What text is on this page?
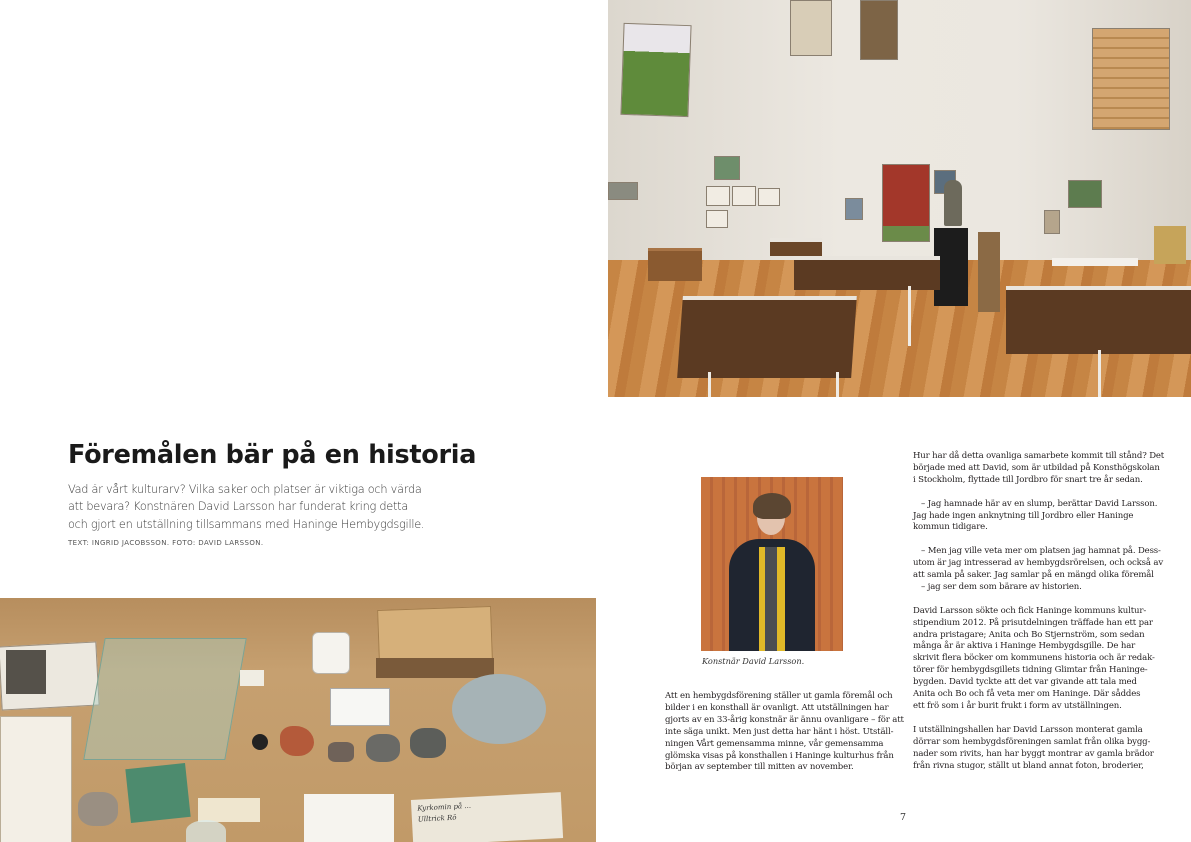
Föremålen bär på en historia
Vad är vårt kulturarv? Vilka saker och platser är viktiga och värda
att bevara? Konstnären David Larsson har funderat kring detta
och gjort en utställning tillsammans med Haninge Hembygdsgille.

TEXT: INGRID JACOBSSON. FOTO: DAVID LARSSON.

Kyrkomin på ...
Ulltrick Rö

Konstnär David Larsson.

Att en hembygdsförening ställer ut gamla föremål och
bilder i en konsthall är ovanligt. Att utställningen har
gjorts av en 33-årig konstnär är ännu ovanligare – för att
inte säga unikt. Men just detta har hänt i höst. Utställ-
ningen Vårt gemensamma minne, vår gemensamma
glömska visas på konsthallen i Haninge kulturhus från
början av september till mitten av november.

Hur har då detta ovanliga samarbete kommit till stånd? Det
började med att David, som är utbildad på Konsthögskolan
i Stockholm, flyttade till Jordbro för snart tre år sedan.

– Jag hamnade här av en slump, berättar David Larsson.
Jag hade ingen anknytning till Jordbro eller Haninge
kommun tidigare.

– Men jag ville veta mer om platsen jag hamnat på. Dess-
utom är jag intresserad av hembygdsrörelsen, och också av
att samla på saker. Jag samlar på en mängd olika föremål
– jag ser dem som bärare av historien.

David Larsson sökte och fick Haninge kommuns kultur-
stipendium 2012. På prisutdelningen träffade han ett par
andra pristagare; Anita och Bo Stjernström, som sedan
många år är aktiva i Haninge Hembygdsgille. De har
skrivit flera böcker om kommunens historia och är redak-
törer för hembygdsgillets tidning Glimtar från Haninge-
bygden. David tyckte att det var givande att tala med
Anita och Bo och få veta mer om Haninge. Där såddes
ett frö som i år burit frukt i form av utställningen.

I utställningshallen har David Larsson monterat gamla
dörrar som hembygdsföreningen samlat från olika bygg-
nader som rivits, han har byggt montrar av gamla brädor
från rivna stugor, ställt ut bland annat foton, broderier,

7
